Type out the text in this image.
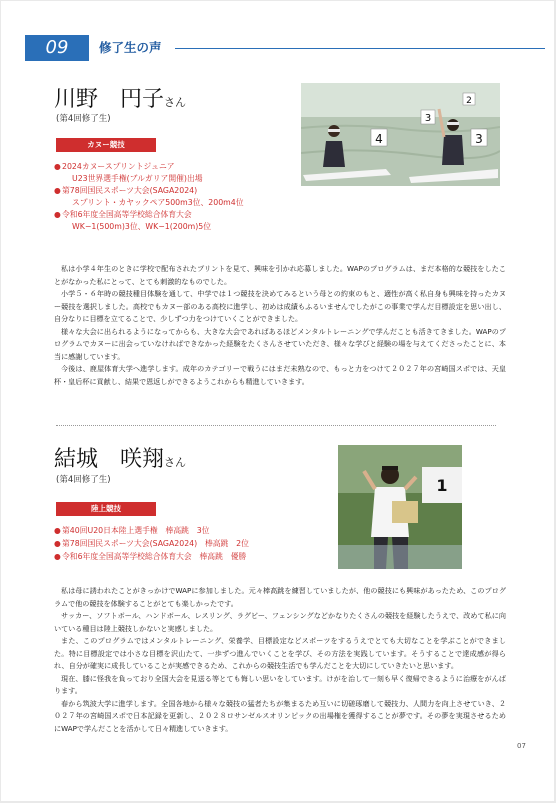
09	修了生の声
川野　円子さん
(第4回修了生)
カヌー競技
●2024カヌースプリントジュニア
U23世界選手権(ブルガリア開催)出場
●第78回国民スポーツ大会(SAGA2024)
スプリント・カヤックペア500m3位、200m4位
●令和6年度全国高等学校総合体育大会
WK−1(500m)3位、WK−1(200m)5位
3
2
4	3

私は小学４年生のときに学校で配布されたプリントを見て、興味を引かれ応募しました。WAPのプログラムは、まだ本格的な競技をしたことがなかった私にとって、とても刺激的なものでした。

小学５・６年時の競技種目体験を通して、中学では１つ競技を決めてみるという母との約束のもと、適性が高く私自身も興味を持ったカヌー競技を選択しました。高校でもカヌー部のある高校に進学し、初めは成績もふるいませんでしたがこの事業で学んだ目標設定を思い出し、自分なりに目標を立てることで、少しずつ力をつけていくことができました。

様々な大会に出られるようになってからも、大きな大会であればあるほどメンタルトレーニングで学んだことも活きてきました。WAPのプログラムでカヌーに出会っていなければできなかった経験をたくさんさせていただき、様々な学びと経験の場を与えてくださったことに、本当に感謝しています。

今後は、鹿屋体育大学へ進学します。成年のカテゴリーで戦うにはまだ未熟なので、もっと力をつけて２０２７年の宮崎国スポでは、天皇杯・皇后杯に貢献し、結果で恩返しができるようこれからも精進していきます。

結城　咲翔さん
(第4回修了生)
陸上競技
●第40回U20日本陸上選手権　棒高跳　3位
●第78回国民スポーツ大会(SAGA2024)　棒高跳　2位
●令和6年度全国高等学校総合体育大会　棒高跳　優勝
1

私は母に誘われたことがきっかけでWAPに参加しました。元々棒高跳を練習していましたが、他の競技にも興味があったため、このプログラムで他の競技を体験することがとても楽しかったです。

サッカー、ソフトボール、ハンドボール、レスリング、ラグビー、フェンシングなどかなりたくさんの競技を経験したうえで、改めて私に向いている種目は陸上競技しかないと実感しました。

また、このプログラムではメンタルトレーニング、栄養学、目標設定などスポーツをするうえでとても大切なことを学ぶことができました。特に目標設定では小さな目標を沢山たて、一歩ずつ進んでいくことを学び、その方法を実践しています。そうすることで達成感が得られ、自分が確実に成長していることが実感できるため、これからの競技生活でも学んだことを大切にしていきたいと思います。

現在、膝に怪我を負っており全国大会を見送る等とても悔しい思いをしています。けがを治して一刻も早く復帰できるように治療をがんばります。

春から筑波大学に進学します。全国各地から様々な競技の猛者たちが集まるため互いに切磋琢磨して競技力、人間力を向上させていき、２０２７年の宮崎国スポで日本記録を更新し、２０２８ロサンゼルスオリンピックの出場権を獲得することが夢です。その夢を実現させるためにWAPで学んだことを活かして日々精進していきます。

07
